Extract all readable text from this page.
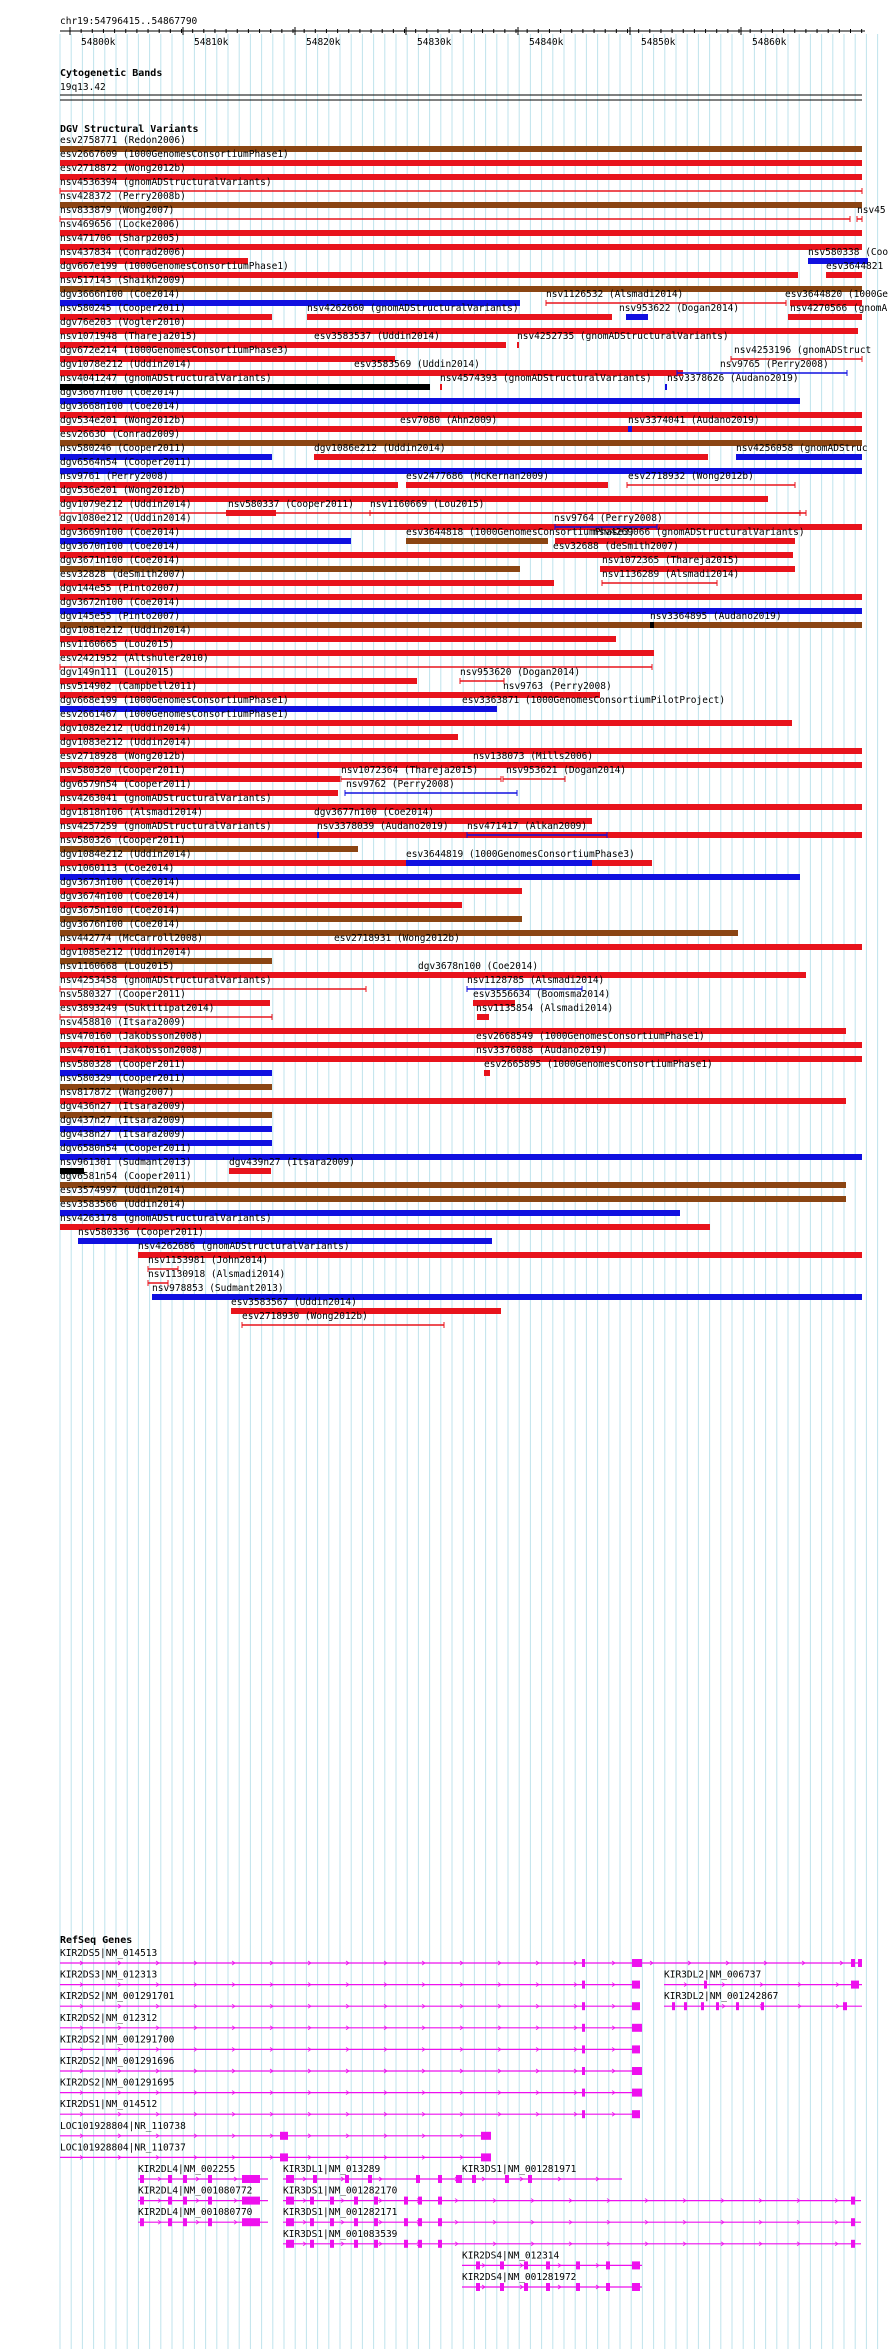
chr19:54796415..54867790
54800k	54810k	54820k	54830k	54840k	54850k	54860k
Cytogenetic Bands
19q13.42
DGV Structural Variants
esv2758771 (Redon2006)
esv2667609 (1000GenomesConsortiumPhase1)
esv2718872 (Wong2012b)
nsv4536394 (gnomADStructuralVariants)
nsv428372 (Perry2008b)
nsv833879 (Wong2007)	nsv45
nsv469656 (Locke2006)
nsv471706 (Sharp2005)
nsv437834 (Conrad2006)	nsv580338 (Coo
dgv667e199 (1000GenomesConsortiumPhase1)	esv3644821
nsv517143 (Shaikh2009)
dgv3666n100 (Coe2014)	nsv1126532 (Alsmadi2014)	esv3644820 (1000Ge
nsv580245 (Cooper2011)	nsv4262660 (gnomADStructuralVariants)	nsv953622 (Dogan2014)	nsv4270566 (gnomA
dgv76e203 (Vogler2010)
nsv1071948 (Thareja2015)	esv3583537 (Uddin2014)	nsv4252735 (gnomADStructuralVariants)
dgv672e214 (1000GenomesConsortiumPhase3)	nsv4253196 (gnomADStruct
dgv1078e212 (Uddin2014)	esv3583569 (Uddin2014)	nsv9765 (Perry2008)
nsv4041247 (gnomADStructuralVariants)	nsv4574393 (gnomADStructuralVariants) nsv3378626 (Audano2019)
dgv3667n100 (Coe2014)
dgv3668n100 (Coe2014)
dgv534e201 (Wong2012b)	esv7080 (Ahn2009)	nsv3374041 (Audano2019)
esv2663O (Conrad2009)
nsv580246 (Cooper2011)	dgv1086e212 (Uddin2014)	nsv4256058 (gnomADStruc
dgv6564n54 (Cooper2011)
nsv9761 (Perry2008)	esv2477686 (McKernan2009)	esv2718932 (Wong2012b)
dgv536e201 (Wong2012b)
dgv1079e212 (Uddin2014)	nsv580337 (Cooper2011) nsv1160669 (Lou2015)
dgv1080e212 (Uddin2014)	nsv9764 (Perry2008)
dgv3669n100 (Coe2014)	esv3644818 (1000GenomesConsortiumPhase3)
nsv4269066 (gnomADStructuralVariants)
dgv3670n100 (Coe2014)	esv32688 (deSmith2007)
dgv3671n100 (Coe2014)	nsv1072365 (Thareja2015)
esv32828 (deSmith2007)	nsv1136289 (Alsmadi2014)
dgv144e55 (Pinto2007)
dgv3672n100 (Coe2014)
dgv145e55 (Pinto2007)	nsv3364895 (Audano2019)
dgv1081e212 (Uddin2014)
nsv1160665 (Lou2015)
esv2421952 (Altshuler2010)
dgv149n111 (Lou2015)	nsv953620 (Dogan2014)
nsv514902 (Campbell2011)	nsv9763 (Perry2008)
dgv668e199 (1000GenomesConsortiumPhase1)	esv3363871 (1000GenomesConsortiumPilotProject)
esv2661467 (1000GenomesConsortiumPhase1)
dgv1082e212 (Uddin2014)
dgv1083e212 (Uddin2014)
esv2718928 (Wong2012b)	nsv138073 (Mills2006)
nsv580320 (Cooper2011)	nsv1072364 (Thareja2015)	nsv953621 (Dogan2014)
dgv6579n54 (Cooper2011)	nsv9762 (Perry2008)
nsv4263041 (gnomADStructuralVariants)
dgv1818n106 (Alsmadi2014)	dgv3677n100 (Coe2014)
nsv4257259 (gnomADStructuralVariants)	nsv3378039 (Audano2019) nsv471417 (Alkan2009)
nsv580326 (Cooper2011)
dgv1084e212 (Uddin2014)	esv3644819 (1000GenomesConsortiumPhase3)
nsv1060113 (Coe2014)
dgv3673n100 (Coe2014)
dgv3674n100 (Coe2014)
dgv3675n100 (Coe2014)
dgv3676n100 (Coe2014)
nsv442774 (McCarroll2008)	esv2718931 (Wong2012b)
dgv1085e212 (Uddin2014)
nsv1160668 (Lou2015)	dgv3678n100 (Coe2014)
nsv4253458 (gnomADStructuralVariants)	nsv1128785 (Alsmadi2014)
nsv580327 (Cooper2011)	esv3556634 (Boomsma2014)
esv3893249 (Suktitipat2014)	nsv1135854 (Alsmadi2014)
nsv458810 (Itsara2009)
nsv470160 (Jakobsson2008)	esv2668549 (1000GenomesConsortiumPhase1)
nsv470161 (Jakobsson2008)	nsv3376088 (Audano2019)
nsv580328 (Cooper2011)	esv2665895 (1000GenomesConsortiumPhase1)
nsv580329 (Cooper2011)
nsv817872 (Wang2007)
dgv436n27 (Itsara2009)
dgv437n27 (Itsara2009)
dgv438n27 (Itsara2009)
dgv6580n54 (Cooper2011)
nsv961301 (Sudmant2013)	dgv439n27 (Itsara2009)
dgv6581n54 (Cooper2011)
esv3574997 (Uddin2014)
esv3583566 (Uddin2014)
nsv4263178 (gnomADStructuralVariants)
nsv580336 (Cooper2011)
nsv4262686 (gnomADStructuralVariants)
nsv1153981 (John2014)
nsv1130918 (Alsmadi2014)
nsv978853 (Sudmant2013)
esv3583567 (Uddin2014)
esv2718930 (Wong2012b)
RefSeq Genes
KIR2DS5|NM_014513
KIR2DS3|NM_012313	KIR3DL2|NM_006737
KIR2DS2|NM_001291701	KIR3DL2|NM_001242867
KIR2DS2|NM_012312
KIR2DS2|NM_001291700
KIR2DS2|NM_001291696
KIR2DS2|NM_001291695
KIR2DS1|NM_014512
LOC101928804|NR_110738
LOC101928804|NR_110737
KIR2DL4|NM_002255	KIR3DL1|NM_013289	KIR3DS1|NM_001281971
KIR2DL4|NM_001080772	KIR3DS1|NM_001282170
KIR2DL4|NM_001080770	KIR3DS1|NM_001282171
KIR3DS1|NM_001083539
KIR2DS4|NM_012314
KIR2DS4|NM_001281972
